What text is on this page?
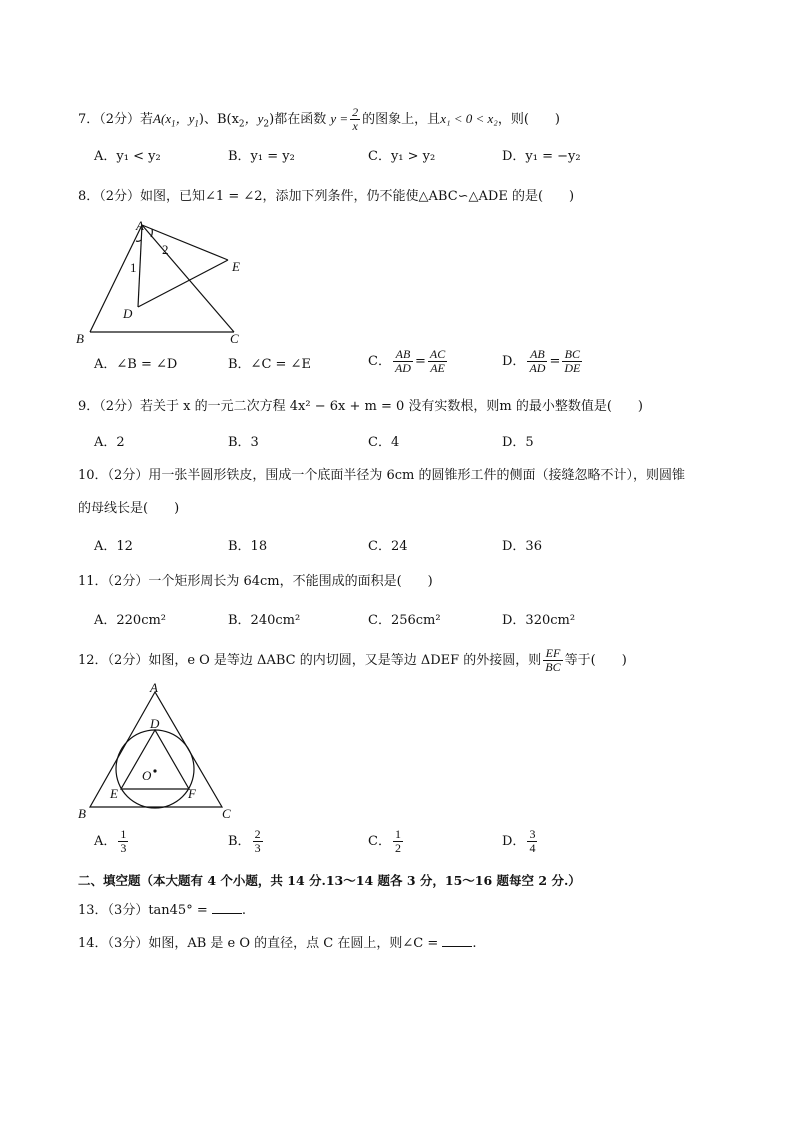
7．（2分）若$A(x_1$，$y_1$)、$B(x_2$，$y_2$)都在函数 $y = \frac{2}{x}$ 的图象上，且x₁ < 0 < x₂，则(　　)
A．y₁ < y₂	B．y₁ = y₂	C．y₁ > y₂	D．y₁ = −y₂
8．（2分）如图，已知∠1 = ∠2，添加下列条件，仍不能使△ABC∽△ADE 的是(　　)
A
1
2
E
D
B	C
A．∠B = ∠D	B．∠C = ∠E	C． $\frac{AB}{AD} = \frac{AC}{AE}$	D． $\frac{AB}{AD} = \frac{BC}{DE}$
9．（2分）若关于 x 的一元二次方程 4x² − 6x + m = 0 没有实数根，则m 的最小整数值是(　　)
A．2	B．3	C．4	D．5
10．（2分）用一张半圆形铁皮，围成一个底面半径为 6cm 的圆锥形工件的侧面（接缝忽略不计），则圆锥
的母线长是(　　)
A．12	B．18	C．24	D．36
11．（2分）一个矩形周长为 64cm，不能围成的面积是(　　)
A．220cm²	B．240cm²	C．256cm²	D．320cm²
12．（2分）如图，e O 是等边 ΔABC 的内切圆，又是等边 ΔDEF 的外接圆，则 $\frac{EF}{BC}$ 等于(　　)
A
D
O
E	F
B	C
A． $\frac{1}{3}$	B． $\frac{2}{3}$	C． $\frac{1}{2}$	D． $\frac{3}{4}$
二、填空题（本大题有 4 个小题，共 14 分.13～14 题各 3 分，15～16 题每空 2 分.）
13．（3分）tan45° =	.
14．（3分）如图，AB 是 e O 的直径，点 C 在圆上，则∠C =	.
